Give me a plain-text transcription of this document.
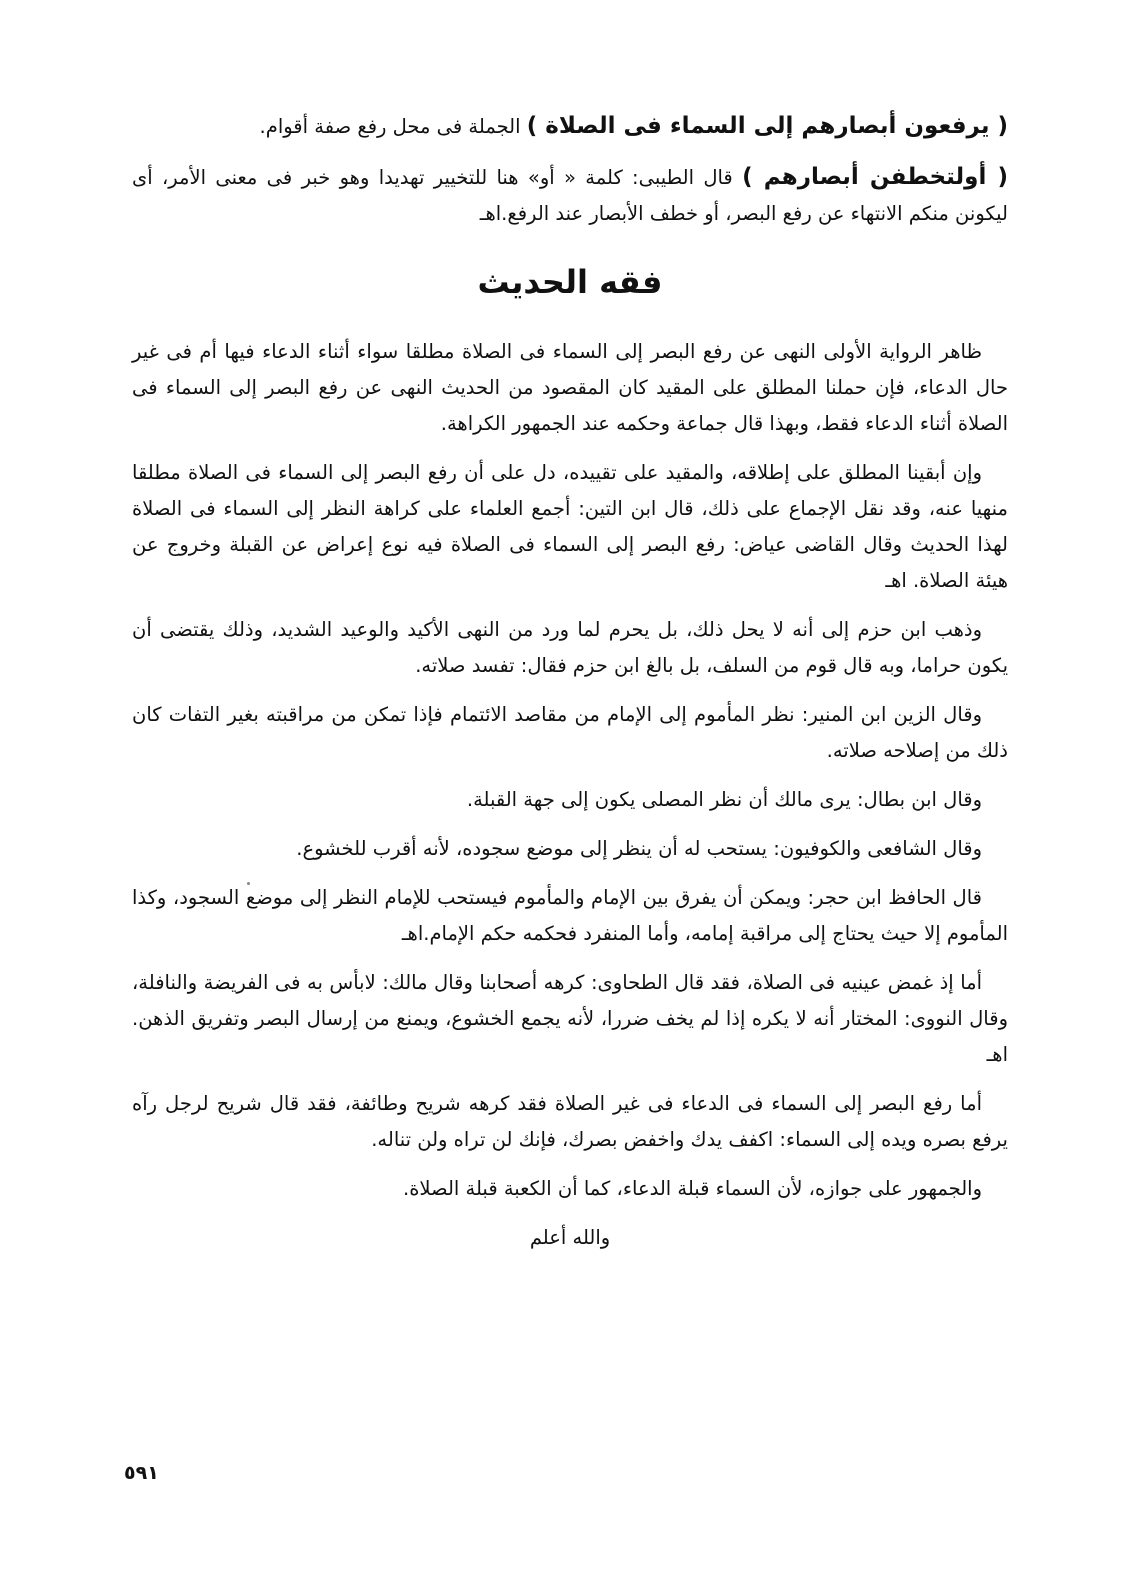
( يرفعون أبصارهم إلى السماء فى الصلاة ) الجملة فى محل رفع صفة أقوام.

( أولتخطفن أبصارهم ) قال الطيبى: كلمة « أو» هنا للتخيير تهديدا وهو خبر فى معنى الأمر، أى ليكونن منكم الانتهاء عن رفع البصر، أو خطف الأبصار عند الرفع.اهـ

فقه الحديث

ظاهر الرواية الأولى النهى عن رفع البصر إلى السماء فى الصلاة مطلقا سواء أثناء الدعاء فيها أم فى غير حال الدعاء، فإن حملنا المطلق على المقيد كان المقصود من الحديث النهى عن رفع البصر إلى السماء فى الصلاة أثناء الدعاء فقط، وبهذا قال جماعة وحكمه عند الجمهور الكراهة.

وإن أبقينا المطلق على إطلاقه، والمقيد على تقييده، دل على أن رفع البصر إلى السماء فى الصلاة مطلقا منهيا عنه، وقد نقل الإجماع على ذلك، قال ابن التين: أجمع العلماء على كراهة النظر إلى السماء فى الصلاة لهذا الحديث وقال القاضى عياض: رفع البصر إلى السماء فى الصلاة فيه نوع إعراض عن القبلة وخروج عن هيئة الصلاة. اهـ

وذهب ابن حزم إلى أنه لا يحل ذلك، بل يحرم لما ورد من النهى الأكيد والوعيد الشديد، وذلك يقتضى أن يكون حراما، وبه قال قوم من السلف، بل بالغ ابن حزم فقال: تفسد صلاته.

وقال الزين ابن المنير: نظر المأموم إلى الإمام من مقاصد الائتمام فإذا تمكن من مراقبته بغير التفات كان ذلك من إصلاحه صلاته.

وقال ابن بطال: يرى مالك أن نظر المصلى يكون إلى جهة القبلة.

وقال الشافعى والكوفيون: يستحب له أن ينظر إلى موضع سجوده، لأنه أقرب للخشوع.

قال الحافظ ابن حجر: ويمكن أن يفرق بين الإمام والمأموم فيستحب للإمام النظر إلى موضع السجود، وكذا المأموم إلا حيث يحتاج إلى مراقبة إمامه، وأما المنفرد فحكمه حكم الإمام.اهـ

أما إذ غمض عينيه فى الصلاة، فقد قال الطحاوى: كرهه أصحابنا وقال مالك: لابأس به فى الفريضة والنافلة، وقال النووى: المختار أنه لا يكره إذا لم يخف ضررا، لأنه يجمع الخشوع، ويمنع من إرسال البصر وتفريق الذهن. اهـ

أما رفع البصر إلى السماء فى الدعاء فى غير الصلاة فقد كرهه شريح وطائفة، فقد قال شريح لرجل رآه يرفع بصره ويده إلى السماء: اكفف يدك واخفض بصرك، فإنك لن تراه ولن تناله.

والجمهور على جوازه، لأن السماء قبلة الدعاء، كما أن الكعبة قبلة الصلاة.

والله أعلم

٥٩١
